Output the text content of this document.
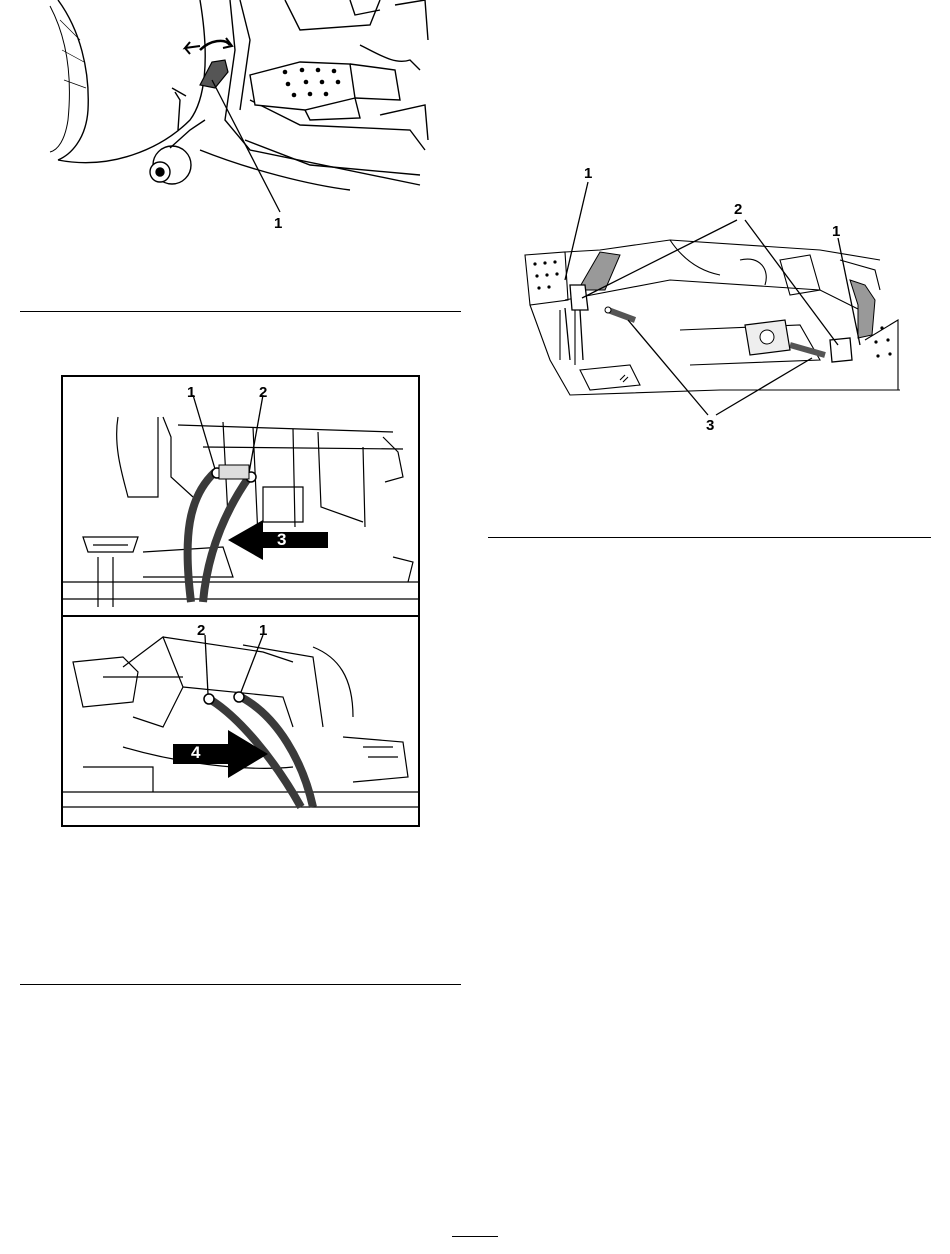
1
1	2
3
2	1
4
1
2
1
3
